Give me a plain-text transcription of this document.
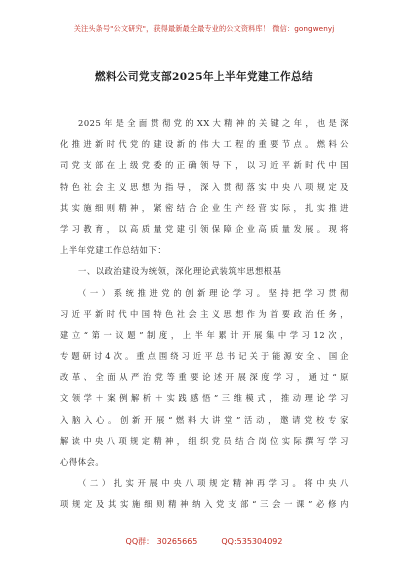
关注头条号"公文研究"，获得最新最全最专业的公文资料库！ 微信：gongwenyj
燃料公司党支部2025年上半年党建工作总结
2025年是全面贯彻党的XX大精神的关键之年，也是深
化推进新时代党的建设新的伟大工程的重要节点。燃料公
司党支部在上级党委的正确领导下，以习近平新时代中国
特色社会主义思想为指导，深入贯彻落实中央八项规定及
其实施细则精神，紧密结合企业生产经营实际，扎实推进
学习教育，以高质量党建引领保障企业高质量发展。现将
上半年党建工作总结如下：
一、以政治建设为统领，深化理论武装筑牢思想根基
（一）系统推进党的创新理论学习。坚持把学习贯彻
习近平新时代中国特色社会主义思想作为首要政治任务，
建立“第一议题”制度，上半年累计开展集中学习12次，
专题研讨4次。重点围绕习近平总书记关于能源安全、国企
改革、全面从严治党等重要论述开展深度学习，通过“原
文领学＋案例解析＋实践感悟”三维模式，推动理论学习
入脑入心。创新开展“燃料大讲堂”活动，邀请党校专家
解读中央八项规定精神，组织党员结合岗位实际撰写学习
心得体会。
（二）扎实开展中央八项规定精神再学习。将中央八
项规定及其实施细则精神纳入党支部“三会一课”必修内
QQ群： 30265665	QQ:535304092
